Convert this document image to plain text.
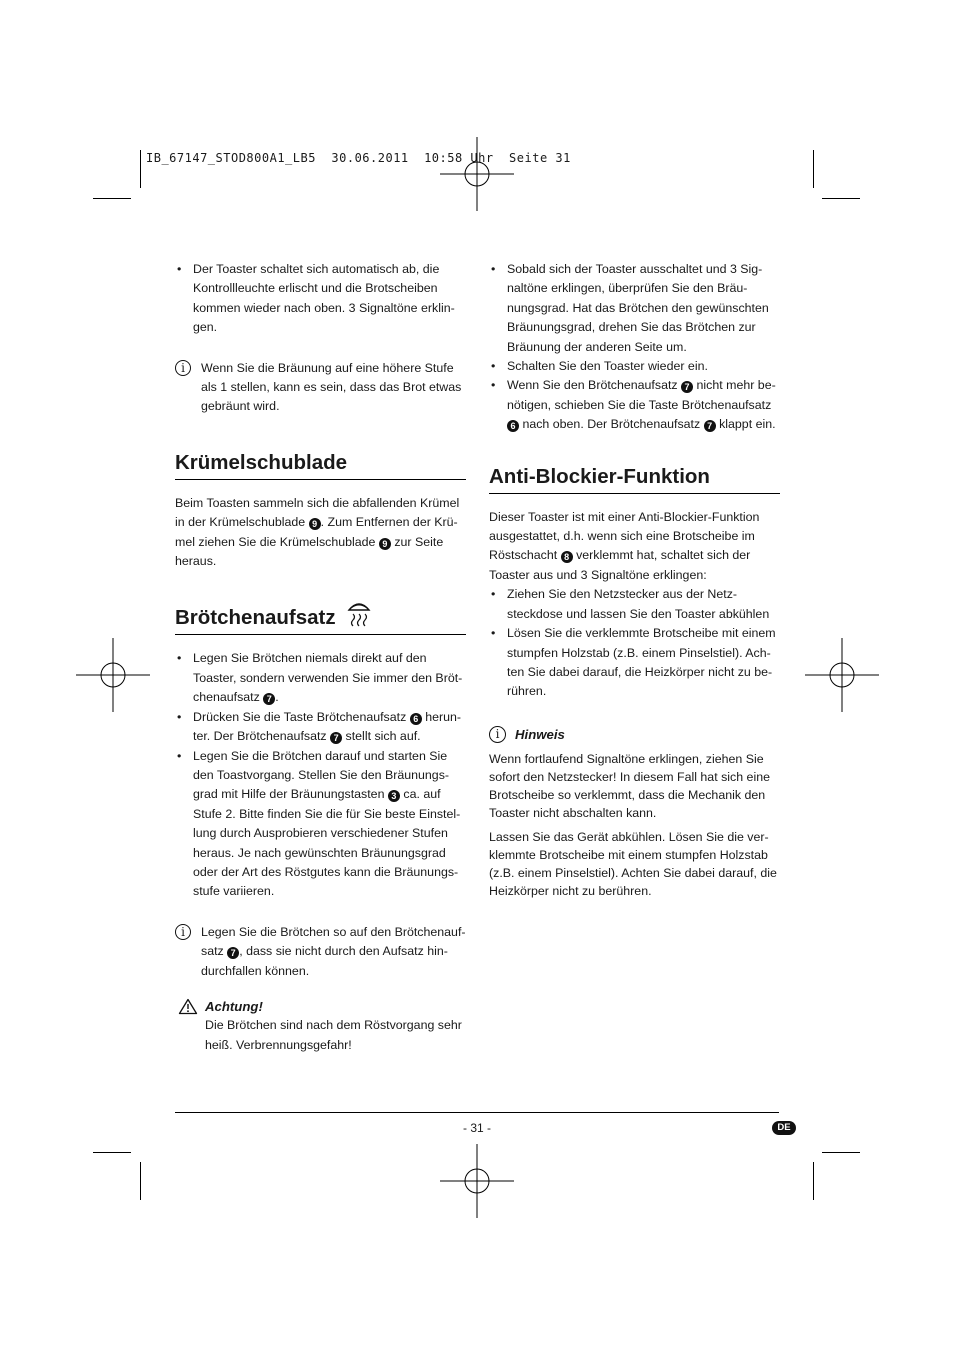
IB_67147_STOD800A1_LB5  30.06.2011  10:58 Uhr  Seite 31

• Der Toaster schaltet sich automatisch ab, die Kontrollleuchte erlischt und die Brotscheiben kommen wieder nach oben. 3 Signaltöne erklin-gen.

i	Wenn Sie die Bräunung auf eine höhere Stufe als 1 stellen, kann es sein, dass das Brot etwas gebräunt wird.

Krümelschublade

Beim Toasten sammeln sich die abfallenden Krümel in der Krümelschublade 9 . Zum Entfernen der Krü-mel ziehen Sie die Krümelschublade 9 zur Seite heraus.

Brötchenaufsatz

• Legen Sie Brötchen niemals direkt auf den Toaster, sondern verwenden Sie immer den Bröt-chenaufsatz 7 .

• Drücken Sie die Taste Brötchenaufsatz 6 herun-ter. Der Brötchenaufsatz 7 stellt sich auf.

• Legen Sie die Brötchen darauf und starten Sie den Toastvorgang. Stellen Sie den Bräunungs-grad mit Hilfe der Bräunungstasten 3 ca. auf Stufe 2. Bitte finden Sie die für Sie beste Einstel-lung durch Ausprobieren verschiedener Stufen heraus. Je nach gewünschten Bräunungsgrad oder der Art des Röstgutes kann die Bräunungs-stufe variieren.

i	Legen Sie die Brötchen so auf den Brötchenauf-satz 7 , dass sie nicht durch den Aufsatz hin-durchfallen können.

Achtung!

Die Brötchen sind nach dem Röstvorgang sehr heiß. Verbrennungsgefahr!

• Sobald sich der Toaster ausschaltet und 3 Sig-naltöne erklingen, überprüfen Sie den Bräu-nungsgrad. Hat das Brötchen den gewünschten Bräunungsgrad, drehen Sie das Brötchen zur Bräunung der anderen Seite um.

• Schalten Sie den Toaster wieder ein.

• Wenn Sie den Brötchenaufsatz 7 nicht mehr be-nötigen, schieben Sie die Taste Brötchenaufsatz 6 nach oben. Der Brötchenaufsatz 7 klappt ein.

Anti-Blockier-Funktion

Dieser Toaster ist mit einer Anti-Blockier-Funktion ausgestattet, d.h. wenn sich eine Brotscheibe im Röstschacht 8 verklemmt hat, schaltet sich der Toaster aus und 3 Signaltöne erklingen:

• Ziehen Sie den Netzstecker aus der Netz-steckdose und lassen Sie den Toaster abkühlen

• Lösen Sie die verklemmte Brotscheibe mit einem stumpfen Holzstab (z.B. einem Pinselstiel). Ach-ten Sie dabei darauf, die Heizkörper nicht zu be-rühren.

i	Hinweis

Wenn fortlaufend Signaltöne erklingen, ziehen Sie sofort den Netzstecker! In diesem Fall hat sich eine Brotscheibe so verklemmt, dass die Mechanik den Toaster nicht abschalten kann.

Lassen Sie das Gerät abkühlen. Lösen Sie die ver-klemmte Brotscheibe mit einem stumpfen Holzstab (z.B. einem Pinselstiel). Achten Sie dabei darauf, die Heizkörper nicht zu berühren.

- 31 -	DE
